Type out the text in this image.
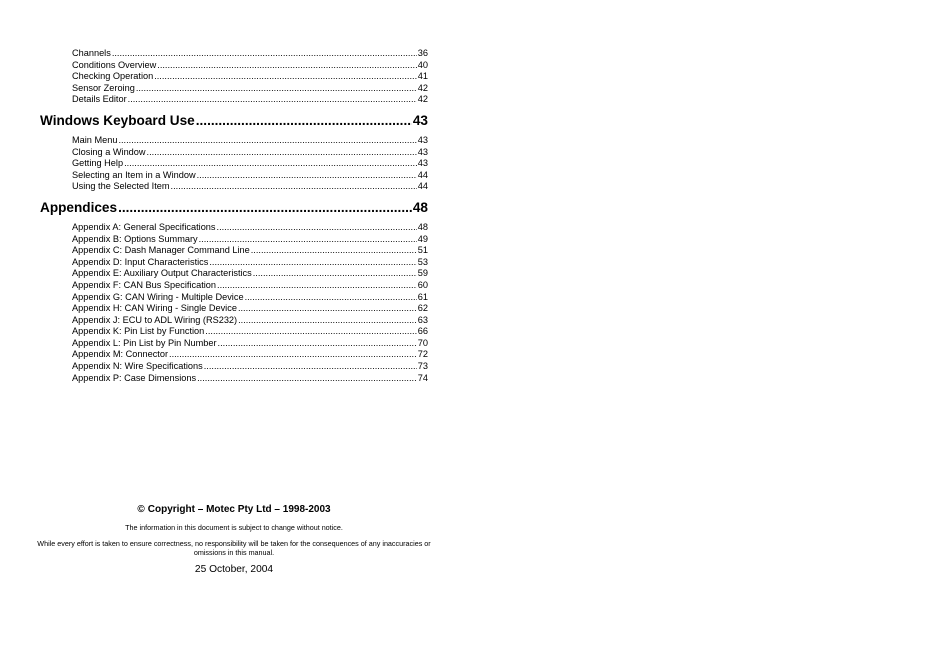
Channels .....	36
Conditions Overview .....	40
Checking Operation .....	41
Sensor Zeroing .....	42
Details Editor .....	42
Windows Keyboard Use .....	43
Main Menu .....	43
Closing a Window .....	43
Getting Help .....	43
Selecting an Item in a Window .....	44
Using the Selected Item .....	44
Appendices .....	48
Appendix A: General Specifications .....	48
Appendix B: Options Summary .....	49
Appendix C: Dash Manager Command Line .....	51
Appendix D: Input Characteristics .....	53
Appendix E: Auxiliary Output Characteristics .....	59
Appendix F: CAN Bus Specification .....	60
Appendix G: CAN Wiring - Multiple Device .....	61
Appendix H: CAN Wiring - Single Device .....	62
Appendix J: ECU to ADL Wiring (RS232) .....	63
Appendix K: Pin List by Function .....	66
Appendix L: Pin List by Pin Number .....	70
Appendix M: Connector .....	72
Appendix N: Wire Specifications .....	73
Appendix P: Case Dimensions .....	74
© Copyright – Motec Pty Ltd – 1998-2003
The information in this document is subject to change without notice.
While every effort is taken to ensure correctness, no responsibility will be taken for the consequences of any inaccuracies or omissions in this manual.
25 October, 2004
